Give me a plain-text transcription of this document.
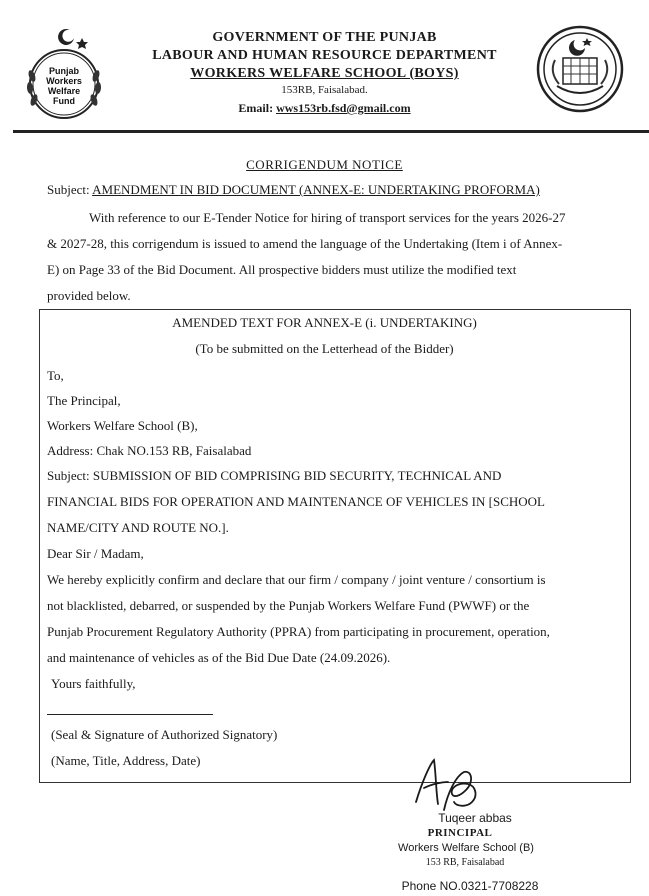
Punjab
Workers
Welfare
Fund
GOVERNMENT OF THE PUNJAB
LABOUR AND HUMAN RESOURCE DEPARTMENT
WORKERS WELFARE SCHOOL (BOYS)
153RB, Faisalabad.
Email: wws153rb.fsd@gmail.com
CORRIGENDUM NOTICE
Subject: AMENDMENT IN BID DOCUMENT (ANNEX-E: UNDERTAKING PROFORMA)
With reference to our E-Tender Notice for hiring of transport services for the years 2026-27
& 2027-28, this corrigendum is issued to amend the language of the Undertaking (Item i of Annex-
E) on Page 33 of the Bid Document. All prospective bidders must utilize the modified text
provided below.
AMENDED TEXT FOR ANNEX-E (i. UNDERTAKING)
(To be submitted on the Letterhead of the Bidder)
To,
The Principal,
Workers Welfare School (B),
Address: Chak NO.153 RB, Faisalabad
Subject: SUBMISSION OF BID COMPRISING BID SECURITY, TECHNICAL AND
FINANCIAL BIDS FOR OPERATION AND MAINTENANCE OF VEHICLES IN [SCHOOL
NAME/CITY AND ROUTE NO.].
Dear Sir / Madam,
We hereby explicitly confirm and declare that our firm / company / joint venture / consortium is
not blacklisted, debarred, or suspended by the Punjab Workers Welfare Fund (PWWF) or the
Punjab Procurement Regulatory Authority (PPRA) from participating in procurement, operation,
and maintenance of vehicles as of the Bid Due Date (24.09.2026).
Yours faithfully,
(Seal & Signature of Authorized Signatory)
(Name, Title, Address, Date)
Tuqeer abbas
PRINCIPAL
Workers Welfare School (B)
153 RB, Faisalabad
Phone NO.0321-7708228
